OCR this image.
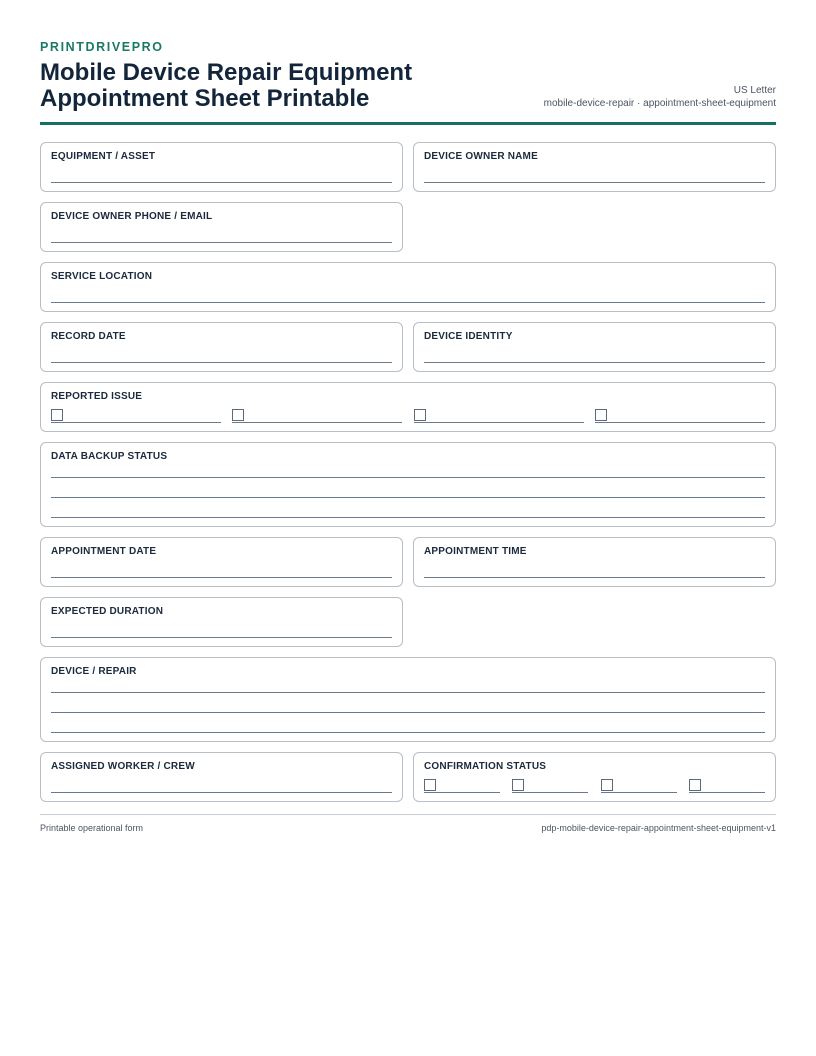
PRINTDRIVEPRO
Mobile Device Repair Equipment
Appointment Sheet Printable	US Letter
mobile-device-repair · appointment-sheet-equipment
EQUIPMENT / ASSET	DEVICE OWNER NAME
DEVICE OWNER PHONE / EMAIL
SERVICE LOCATION
RECORD DATE	DEVICE IDENTITY
REPORTED ISSUE
DATA BACKUP STATUS
APPOINTMENT DATE	APPOINTMENT TIME
EXPECTED DURATION
DEVICE / REPAIR
ASSIGNED WORKER / CREW	CONFIRMATION STATUS
Printable operational form	pdp-mobile-device-repair-appointment-sheet-equipment-v1
